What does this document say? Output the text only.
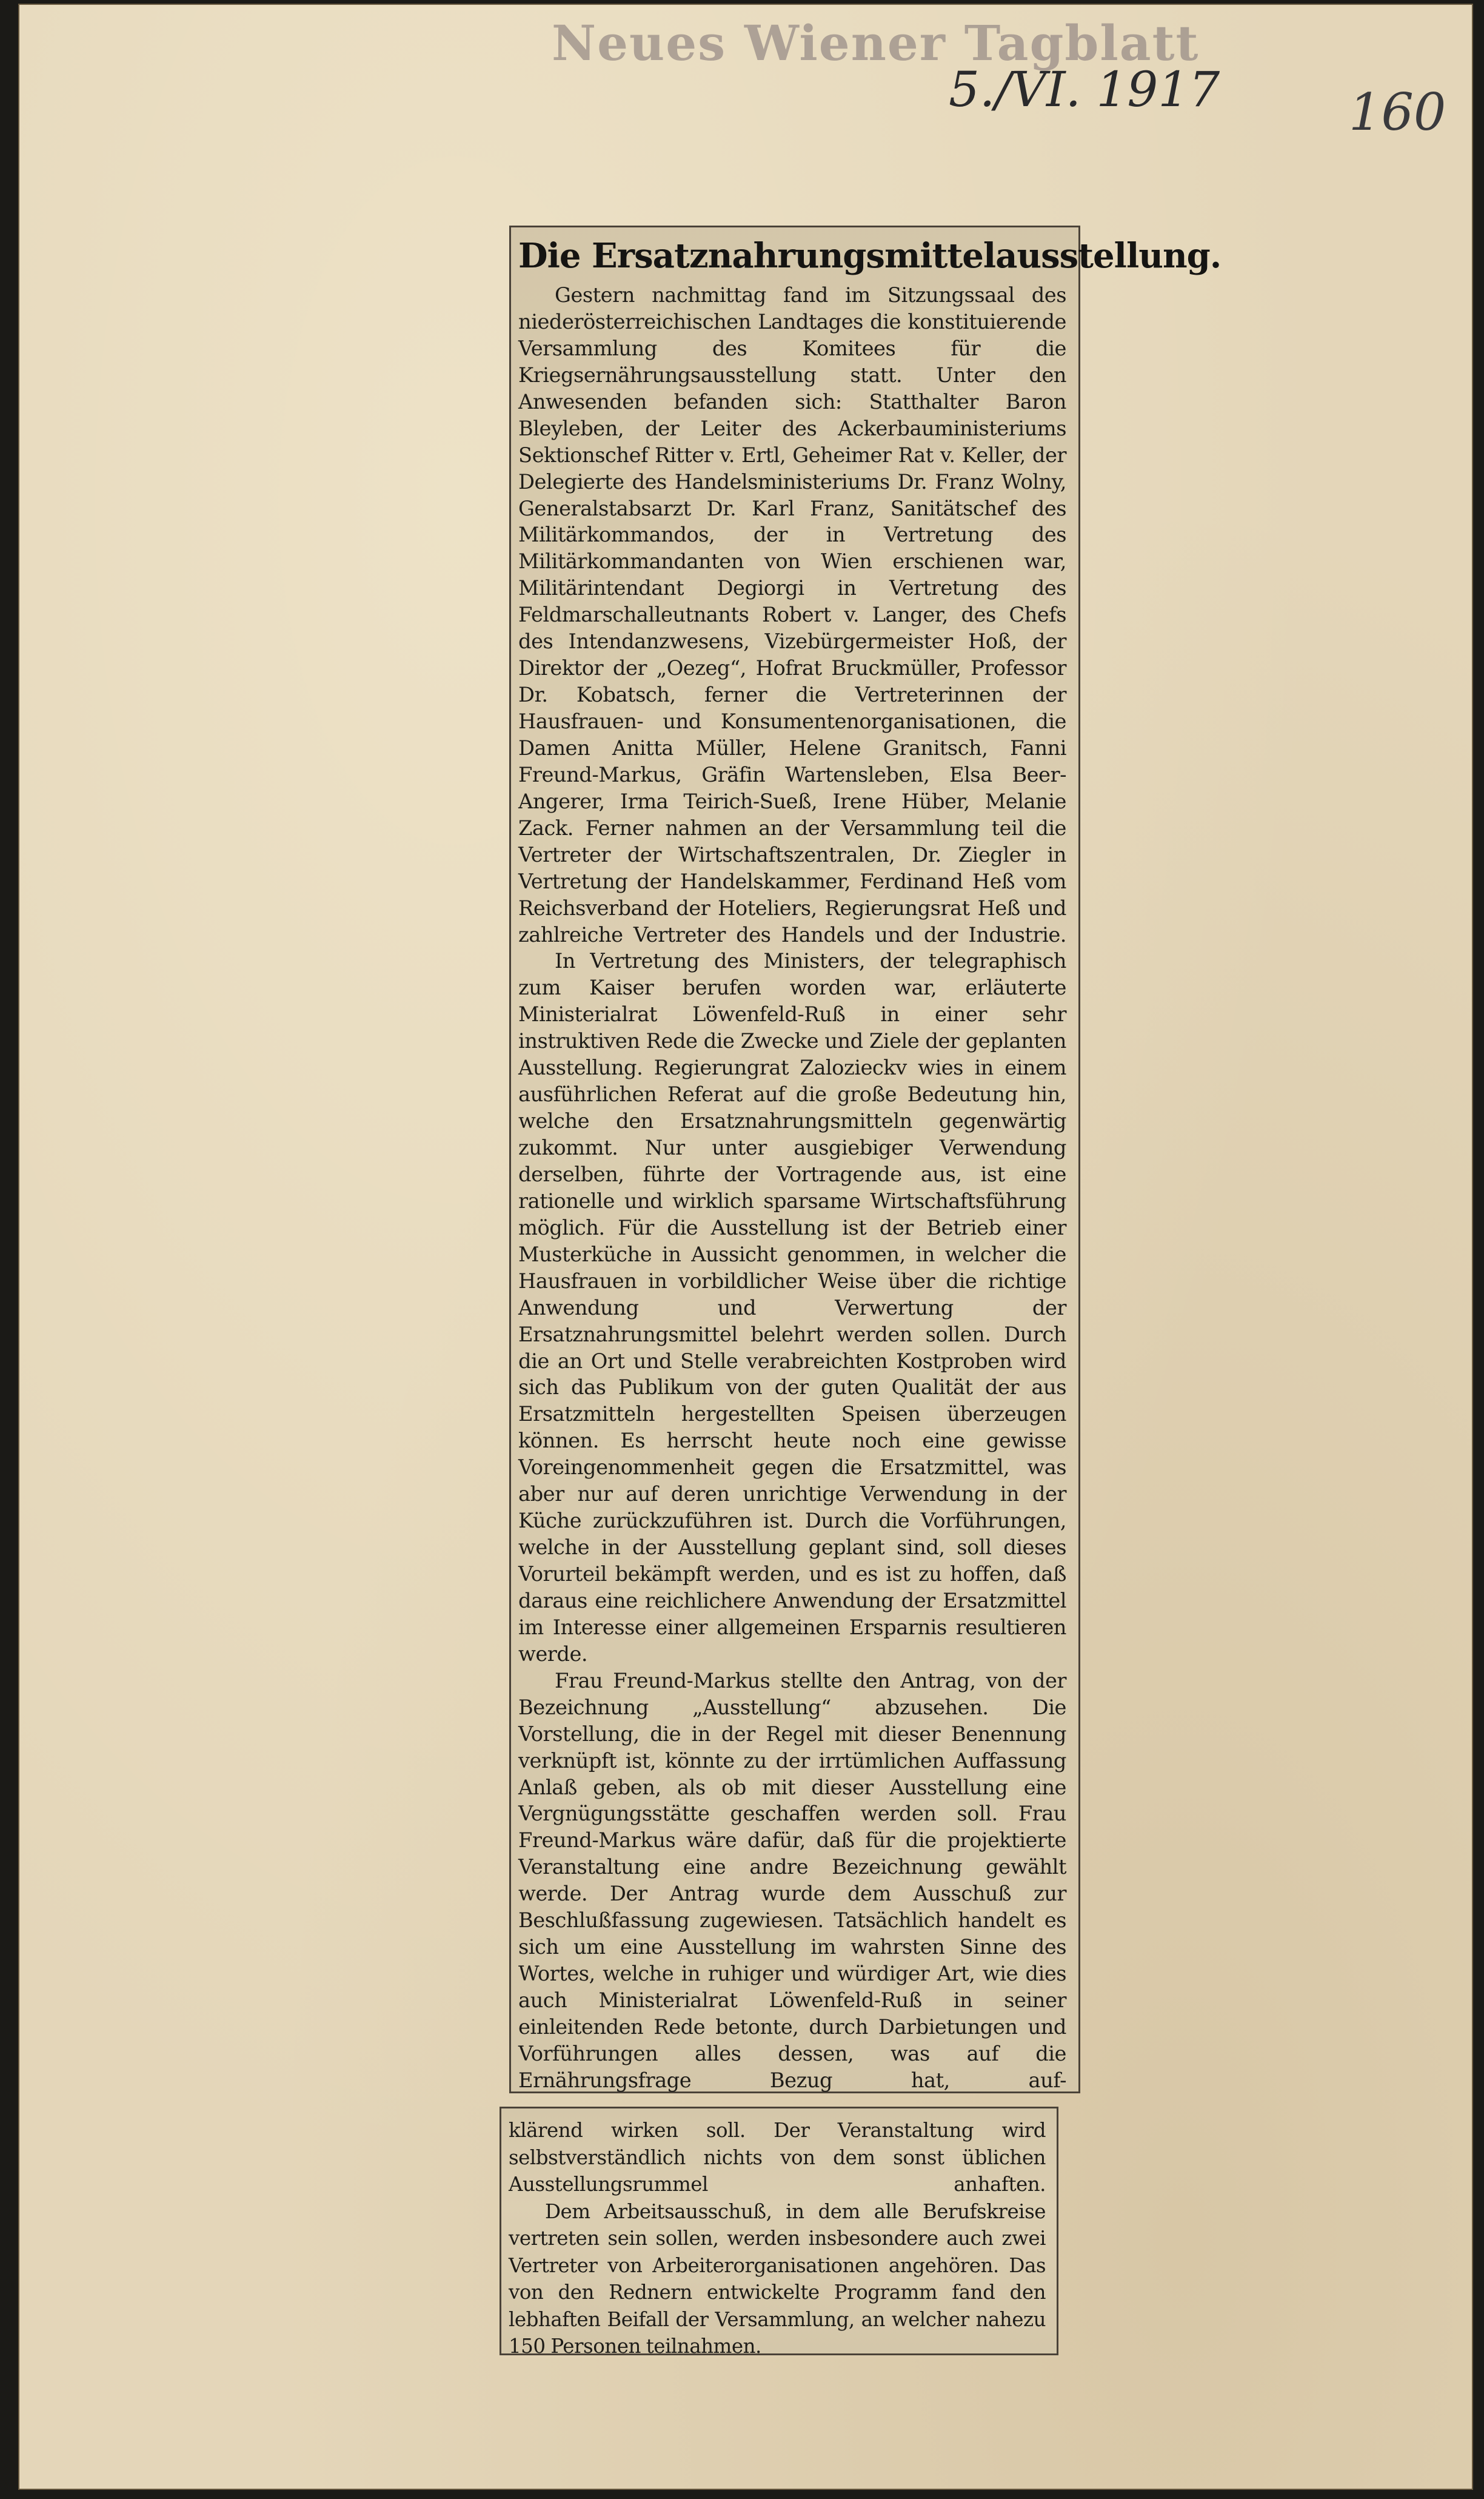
Neues Wiener Tagblatt
5./VI. 1917	160
Die Ersatznahrungsmittelausstellung.

Gestern nachmittag fand im Sitzungssaal des niederösterreichischen Landtages die konstituierende Versammlung des Komitees für die Kriegsernährungsausstellung statt. Unter den Anwesenden befanden sich: Statthalter Baron Bleyleben, der Leiter des Ackerbauministeriums Sektionschef Ritter v. Ertl, Geheimer Rat v. Keller, der Delegierte des Handelsministeriums Dr. Franz Wolny, Generalstabsarzt Dr. Karl Franz, Sanitätschef des Militärkommandos, der in Vertretung des Militärkommandanten von Wien erschienen war, Militärintendant Degiorgi in Vertretung des Feldmarschalleutnants Robert v. Langer, des Chefs des Intendanzwesens, Vizebürgermeister Hoß, der Direktor der „Oezeg“, Hofrat Bruckmüller, Professor Dr. Kobatsch, ferner die Vertreterinnen der Hausfrauen- und Konsumentenorganisationen, die Damen Anitta Müller, Helene Granitsch, Fanni Freund-Markus, Gräfin Wartensleben, Elsa Beer-Angerer, Irma Teirich-Sueß, Irene Hüber, Melanie Zack. Ferner nahmen an der Versammlung teil die Vertreter der Wirtschaftszentralen, Dr. Ziegler in Vertretung der Handelskammer, Ferdinand Heß vom Reichsverband der Hoteliers, Regierungsrat Heß und zahlreiche Vertreter des Handels und der Industrie.

In Vertretung des Ministers, der telegraphisch zum Kaiser berufen worden war, erläuterte Ministerialrat Löwenfeld-Ruß in einer sehr instruktiven Rede die Zwecke und Ziele der geplanten Ausstellung. Regierungrat Zalozieckv wies in einem ausführlichen Referat auf die große Bedeutung hin, welche den Ersatznahrungsmitteln gegenwärtig zukommt. Nur unter ausgiebiger Verwendung derselben, führte der Vortragende aus, ist eine rationelle und wirklich sparsame Wirtschaftsführung möglich. Für die Ausstellung ist der Betrieb einer Musterküche in Aussicht genommen, in welcher die Hausfrauen in vorbildlicher Weise über die richtige Anwendung und Verwertung der Ersatznahrungsmittel belehrt werden sollen. Durch die an Ort und Stelle verabreichten Kostproben wird sich das Publikum von der guten Qualität der aus Ersatzmitteln hergestellten Speisen überzeugen können. Es herrscht heute noch eine gewisse Voreingenommenheit gegen die Ersatzmittel, was aber nur auf deren unrichtige Verwendung in der Küche zurückzuführen ist. Durch die Vorführungen, welche in der Ausstellung geplant sind, soll dieses Vorurteil bekämpft werden, und es ist zu hoffen, daß daraus eine reichlichere Anwendung der Ersatzmittel im Interesse einer allgemeinen Ersparnis resultieren werde.

Frau Freund-Markus stellte den Antrag, von der Bezeichnung „Ausstellung“ abzusehen. Die Vorstellung, die in der Regel mit dieser Benennung verknüpft ist, könnte zu der irrtümlichen Auffassung Anlaß geben, als ob mit dieser Ausstellung eine Vergnügungsstätte geschaffen werden soll. Frau Freund-Markus wäre dafür, daß für die projektierte Veranstaltung eine andre Bezeichnung gewählt werde. Der Antrag wurde dem Ausschuß zur Beschlußfassung zugewiesen. Tatsächlich handelt es sich um eine Ausstellung im wahrsten Sinne des Wortes, welche in ruhiger und würdiger Art, wie dies auch Ministerialrat Löwenfeld-Ruß in seiner einleitenden Rede betonte, durch Darbietungen und Vorführungen alles dessen, was auf die Ernährungsfrage Bezug hat, auf-

klärend wirken soll. Der Veranstaltung wird selbstverständlich nichts von dem sonst üblichen Ausstellungsrummel anhaften.

Dem Arbeitsausschuß, in dem alle Berufskreise vertreten sein sollen, werden insbesondere auch zwei Vertreter von Arbeiterorganisationen angehören. Das von den Rednern entwickelte Programm fand den lebhaften Beifall der Versammlung, an welcher nahezu 150 Personen teilnahmen.
